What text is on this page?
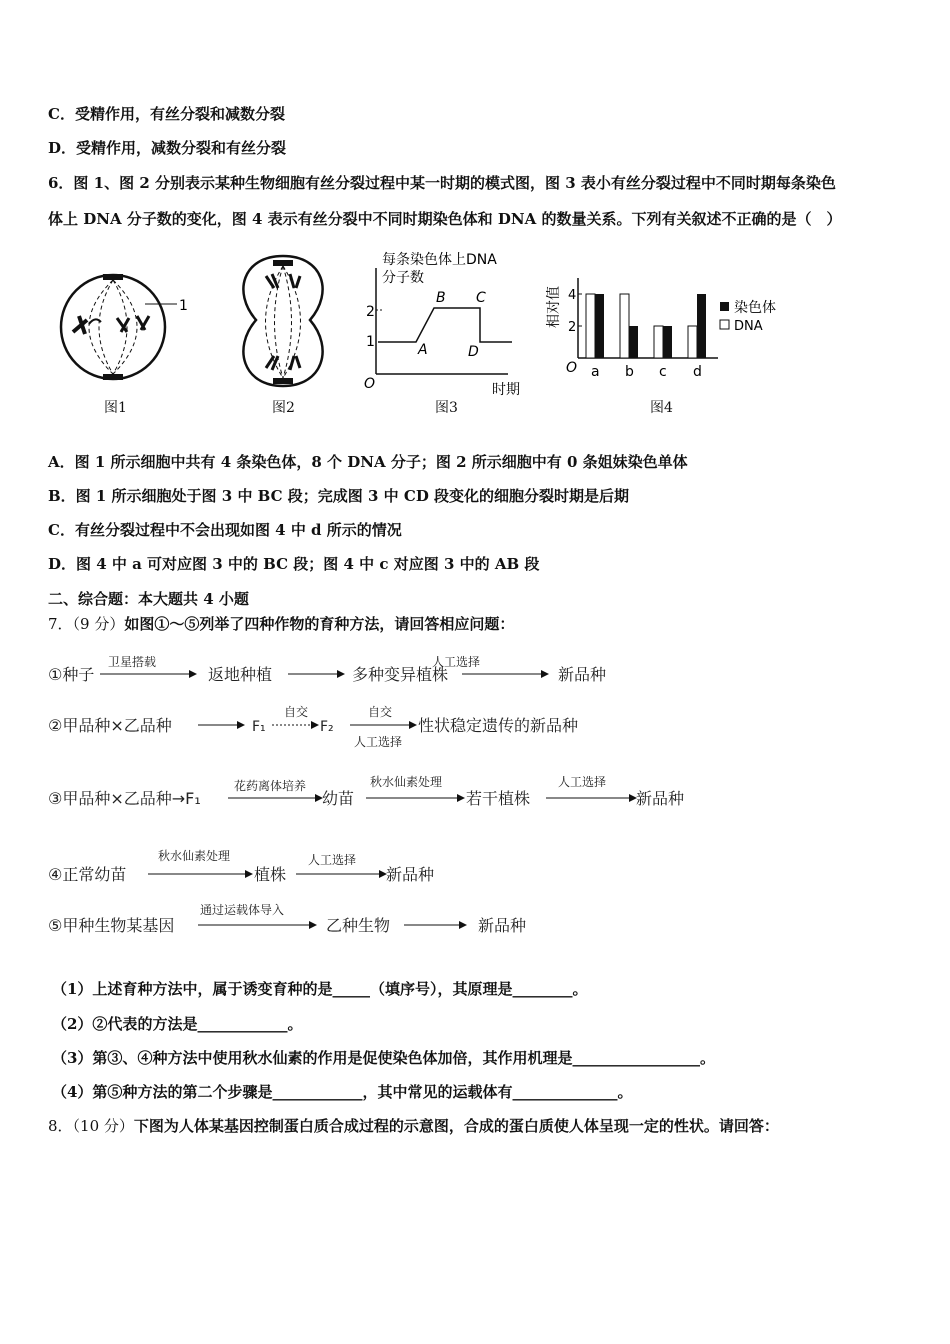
C．受精作用，有丝分裂和减数分裂
D．受精作用，减数分裂和有丝分裂
6．图 1、图 2 分别表示某种生物细胞有丝分裂过程中某一时期的模式图，图 3 表小有丝分裂过程中不同时期每条染色
体上 DNA 分子数的变化，图 4 表示有丝分裂中不同时期染色体和 DNA 的数量关系。下列有关叙述不正确的是（　）
1
图1	图2
每条染色体上DNA
分子数
O
2
1	A
B C
D
时期
图3
相对值
O
2
4
a b c d
染色体
DNA
图4
A．图 1 所示细胞中共有 4 条染色体，8 个 DNA 分子；图 2 所示细胞中有 0 条姐妹染色单体
B．图 1 所示细胞处于图 3 中 BC 段；完成图 3 中 CD 段变化的细胞分裂时期是后期
C．有丝分裂过程中不会出现如图 4 中 d 所示的情况
D．图 4 中 a 可对应图 3 中的 BC 段；图 4 中 c 对应图 3 中的 AB 段
二、综合题：本大题共 4 小题
7．（9 分）如图①～⑤列举了四种作物的育种方法，请回答相应问题：
①种子
卫星搭载
返地种植	多种变异植株
人工选择
新品种
②甲品种×乙品种	F₁
自交
F₂
自交
人工选择
性状稳定遗传的新品种
③甲品种×乙品种→F₁
花药离体培养
幼苗
秋水仙素处理
若干植株
人工选择
新品种
④正常幼苗
秋水仙素处理
植株
人工选择
新品种
⑤甲种生物某基因
通过运载体导入
乙种生物	新品种
（1）上述育种方法中，属于诱变育种的是_____（填序号），其原理是________。
（2）②代表的方法是____________。
（3）第③、④种方法中使用秋水仙素的作用是促使染色体加倍，其作用机理是_________________。
（4）第⑤种方法的第二个步骤是____________，其中常见的运载体有______________。
8．（10 分）下图为人体某基因控制蛋白质合成过程的示意图，合成的蛋白质使人体呈现一定的性状。请回答：
